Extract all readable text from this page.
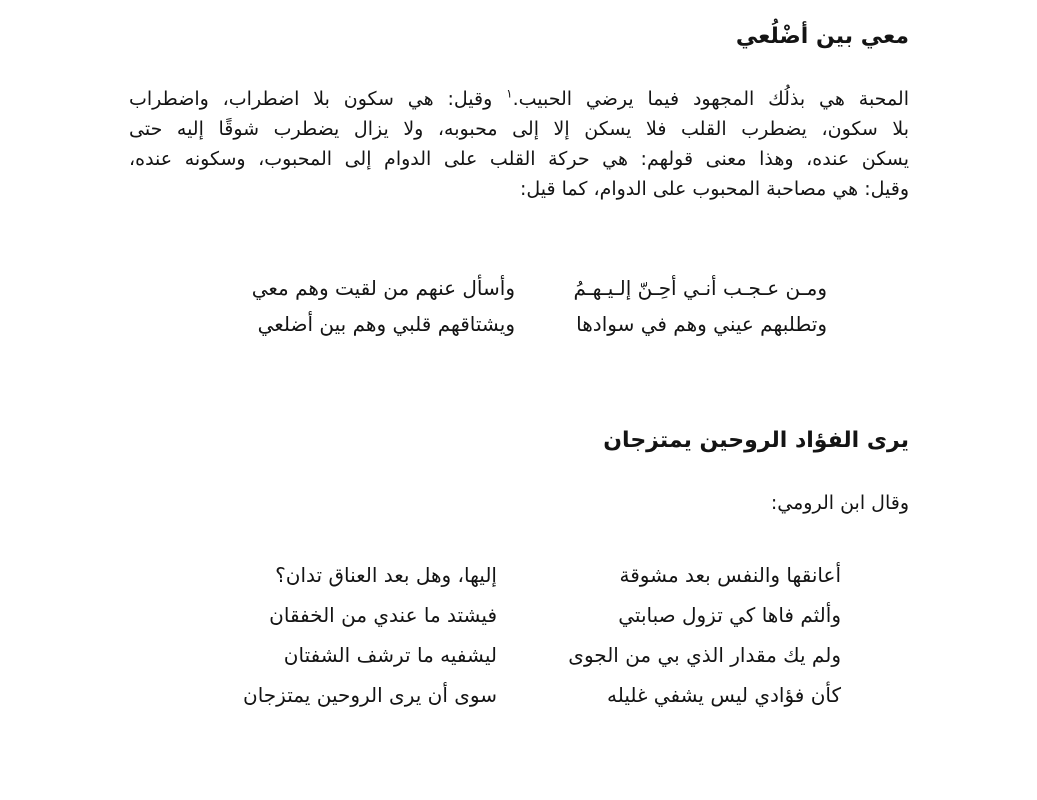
معي بين أضْلُعي
المحبة هي بذلُك المجهود فيما يرضي الحبيب.$^١$ وقيل: هي سكون بلا اضطراب، واضطراب
بلا سكون، يضطرب القلب فلا يسكن إلا إلى محبوبه، ولا يزال يضطرب شوقًا إليه حتى
يسكن عنده، وهذا معنى قولهم: هي حركة القلب على الدوام إلى المحبوب، وسكونه عنده،
وقيل: هي مصاحبة المحبوب على الدوام، كما قيل:
ومـن عـجـب أنـي أحِـنّ إلـيـهـمُ
وأسأل عنهم من لقيت وهم معي
وتطلبهم عيني وهم في سوادها
ويشتاقهم قلبي وهم بين أضلعي
يرى الفؤاد الروحين يمتزجان
وقال ابن الرومي:
أعانقها والنفس بعد مشوقة
إليها، وهل بعد العناق تدان؟
وألثم فاها كي تزول صبابتي
فيشتد ما عندي من الخفقان
ولم يك مقدار الذي بي من الجوى
ليشفيه ما ترشف الشفتان
كأن فؤادي ليس يشفي غليله
سوى أن يرى الروحين يمتزجان
